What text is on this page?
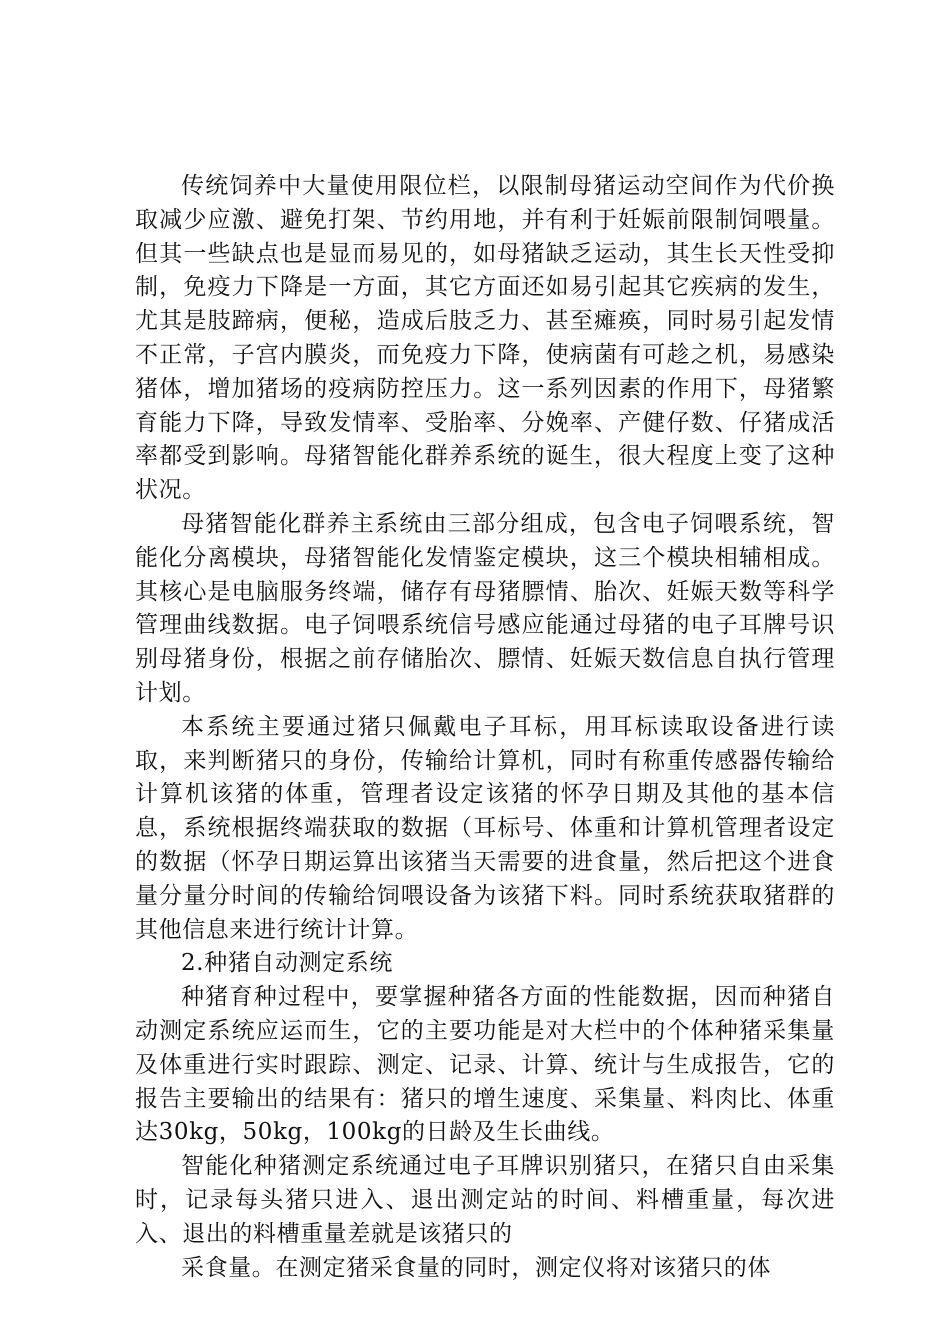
传统饲养中大量使用限位栏，以限制母猪运动空间作为代价换取减少应激、避免打架、节约用地，并有利于妊娠前限制饲喂量。但其一些缺点也是显而易见的，如母猪缺乏运动，其生长天性受抑制，免疫力下降是一方面，其它方面还如易引起其它疾病的发生，尤其是肢蹄病，便秘，造成后肢乏力、甚至瘫痪，同时易引起发情不正常，子宫内膜炎，而免疫力下降，使病菌有可趁之机，易感染猪体，增加猪场的疫病防控压力。这一系列因素的作用下，母猪繁育能力下降，导致发情率、受胎率、分娩率、产健仔数、仔猪成活率都受到影响。母猪智能化群养系统的诞生，很大程度上变了这种状况。

母猪智能化群养主系统由三部分组成，包含电子饲喂系统，智能化分离模块，母猪智能化发情鉴定模块，这三个模块相辅相成。其核心是电脑服务终端，储存有母猪膘情、胎次、妊娠天数等科学管理曲线数据。电子饲喂系统信号感应能通过母猪的电子耳牌号识别母猪身份，根据之前存储胎次、膘情、妊娠天数信息自执行管理计划。

本系统主要通过猪只佩戴电子耳标，用耳标读取设备进行读取，来判断猪只的身份，传输给计算机，同时有称重传感器传输给计算机该猪的体重，管理者设定该猪的怀孕日期及其他的基本信息，系统根据终端获取的数据（耳标号、体重和计算机管理者设定的数据（怀孕日期运算出该猪当天需要的进食量，然后把这个进食量分量分时间的传输给饲喂设备为该猪下料。同时系统获取猪群的其他信息来进行统计计算。

2.种猪自动测定系统

种猪育种过程中，要掌握种猪各方面的性能数据，因而种猪自动测定系统应运而生，它的主要功能是对大栏中的个体种猪采集量及体重进行实时跟踪、测定、记录、计算、统计与生成报告，它的报告主要输出的结果有：猪只的增生速度、采集量、料肉比、体重达30kg，50kg，100kg的日龄及生长曲线。

智能化种猪测定系统通过电子耳牌识别猪只，在猪只自由采集时，记录每头猪只进入、退出测定站的时间、料槽重量，每次进入、退出的料槽重量差就是该猪只的

采食量。在测定猪采食量的同时，测定仪将对该猪只的体
